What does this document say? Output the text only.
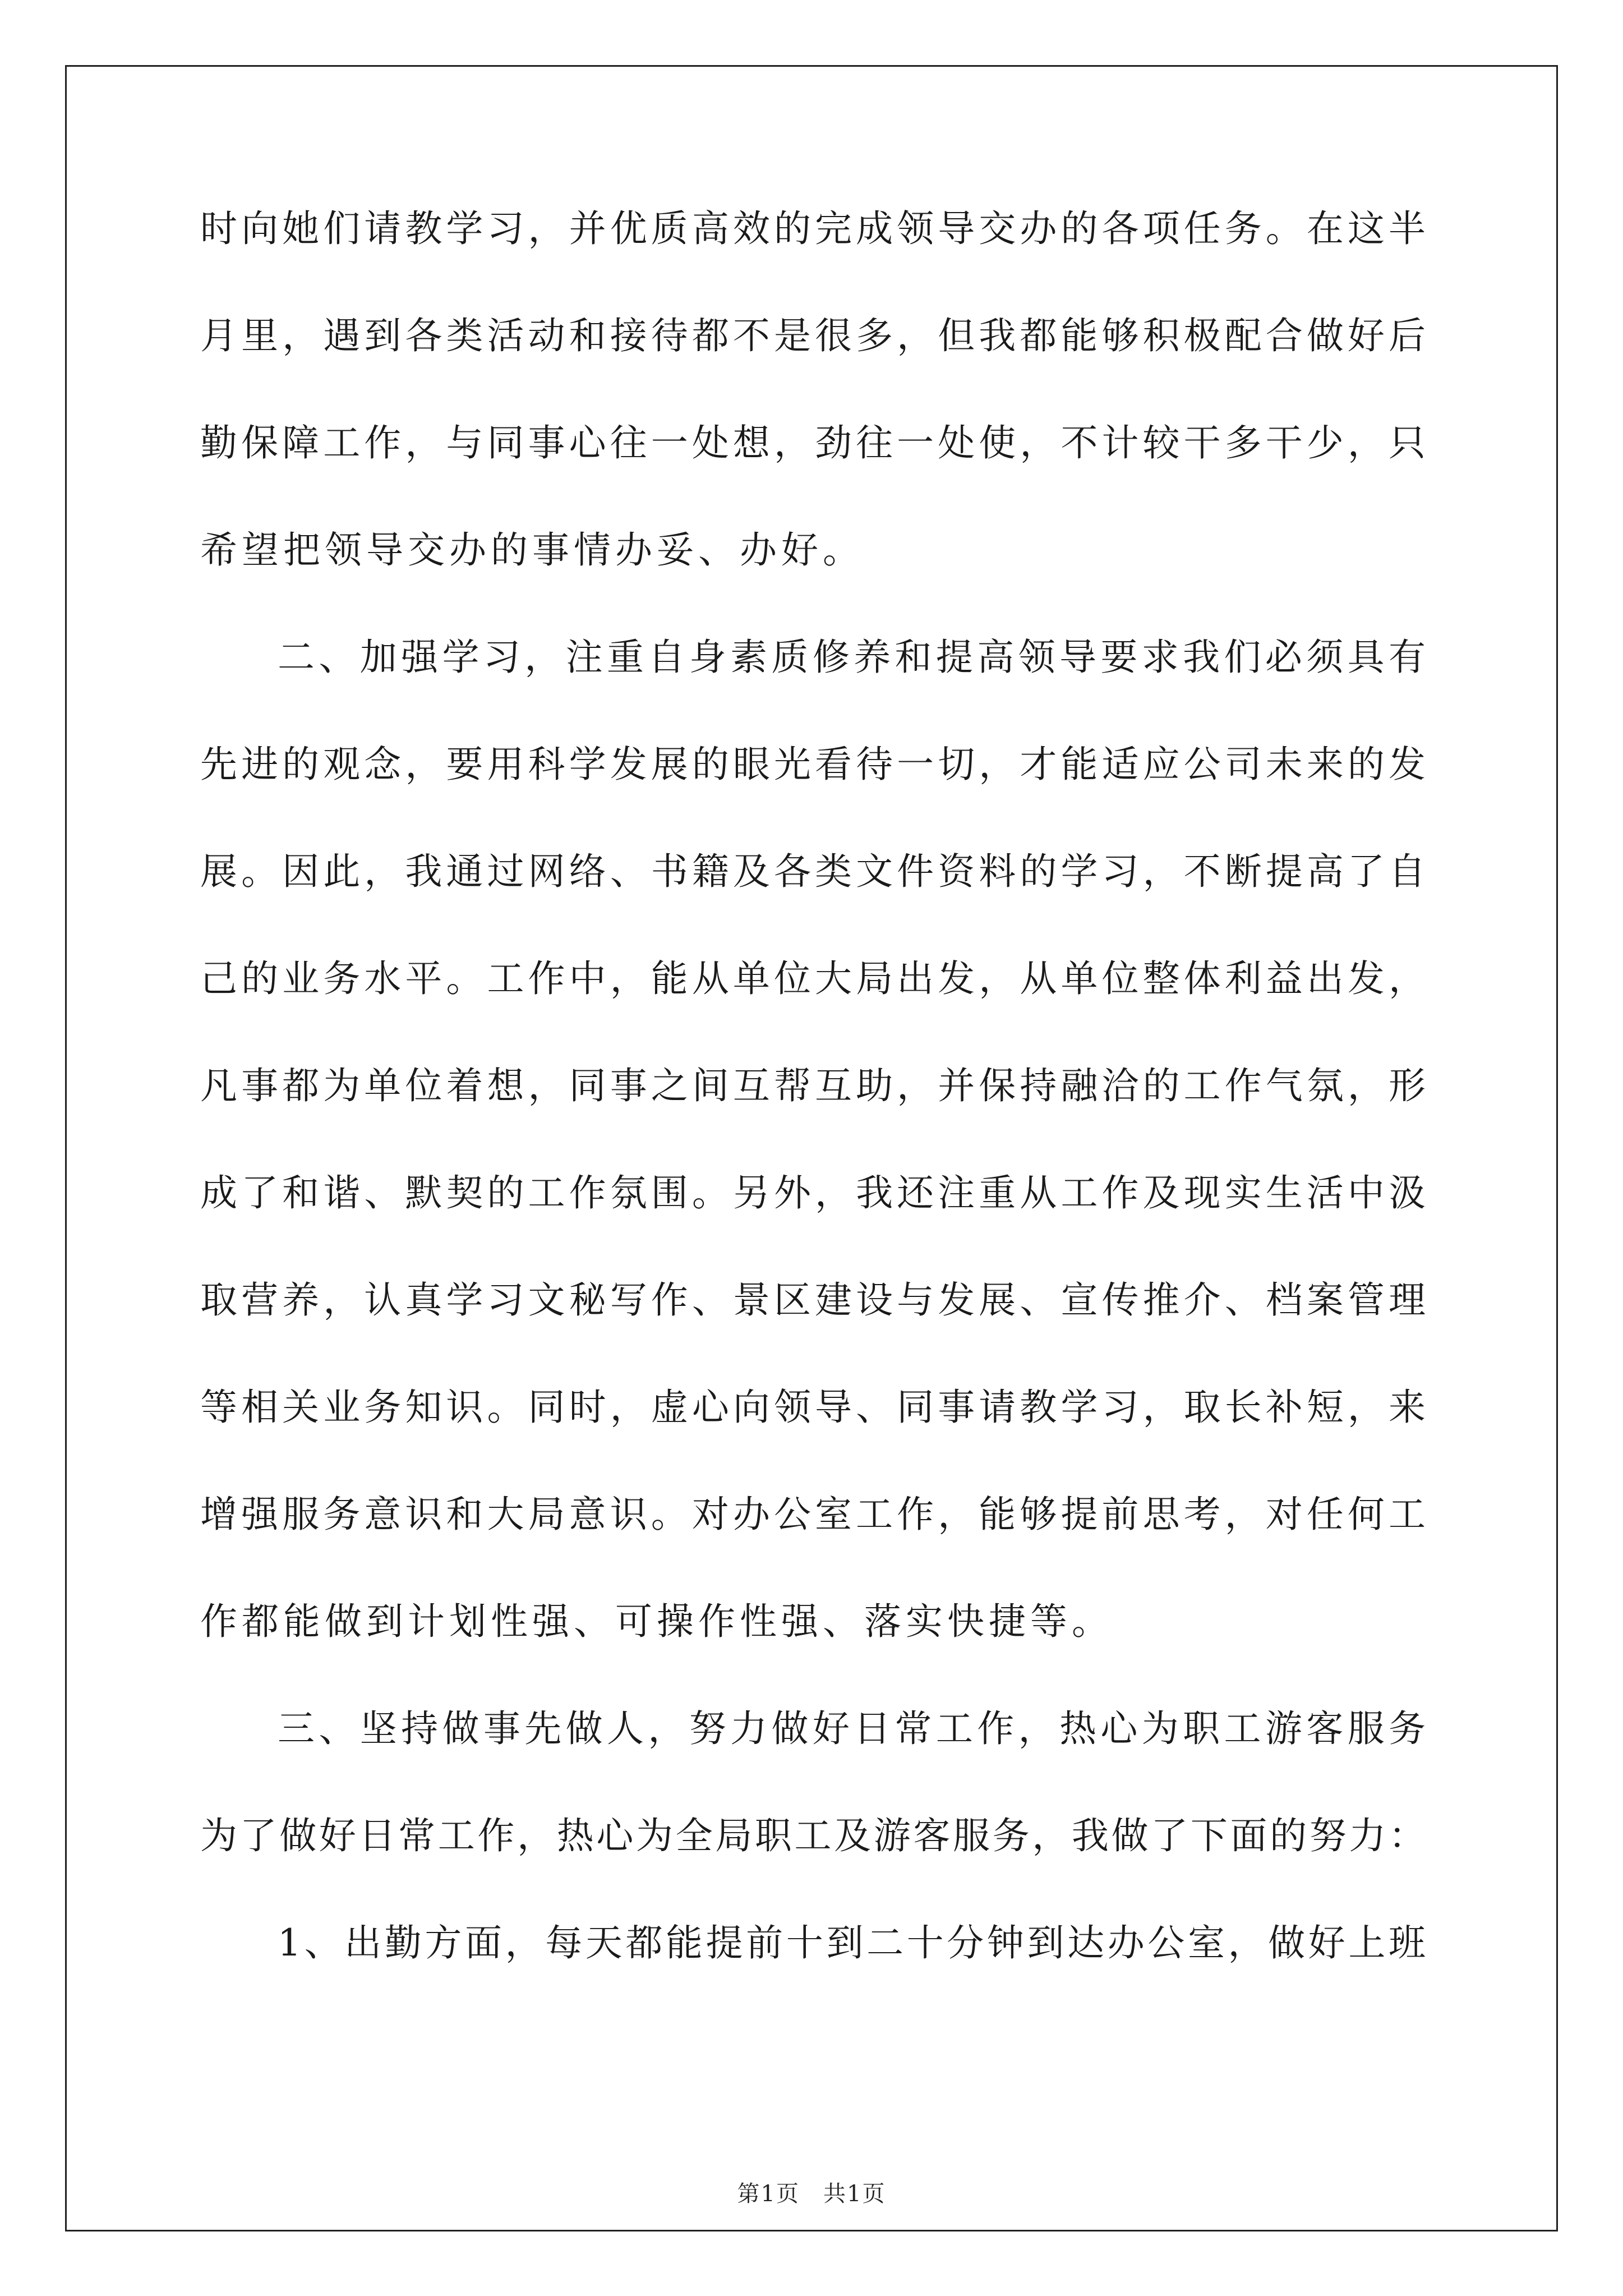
时向她们请教学习，并优质高效的完成领导交办的各项任务。在这半
月里，遇到各类活动和接待都不是很多，但我都能够积极配合做好后
勤保障工作，与同事心往一处想，劲往一处使，不计较干多干少，只
希望把领导交办的事情办妥、办好。
二、加强学习，注重自身素质修养和提高领导要求我们必须具有
先进的观念，要用科学发展的眼光看待一切，才能适应公司未来的发
展。因此，我通过网络、书籍及各类文件资料的学习，不断提高了自
己的业务水平。工作中，能从单位大局出发，从单位整体利益出发，
凡事都为单位着想，同事之间互帮互助，并保持融洽的工作气氛，形
成了和谐、默契的工作氛围。另外，我还注重从工作及现实生活中汲
取营养，认真学习文秘写作、景区建设与发展、宣传推介、档案管理
等相关业务知识。同时，虚心向领导、同事请教学习，取长补短，来
增强服务意识和大局意识。对办公室工作，能够提前思考，对任何工
作都能做到计划性强、可操作性强、落实快捷等。
三、坚持做事先做人，努力做好日常工作，热心为职工游客服务
为了做好日常工作，热心为全局职工及游客服务，我做了下面的努力：
1、出勤方面，每天都能提前十到二十分钟到达办公室，做好上班
第1页　共1页
